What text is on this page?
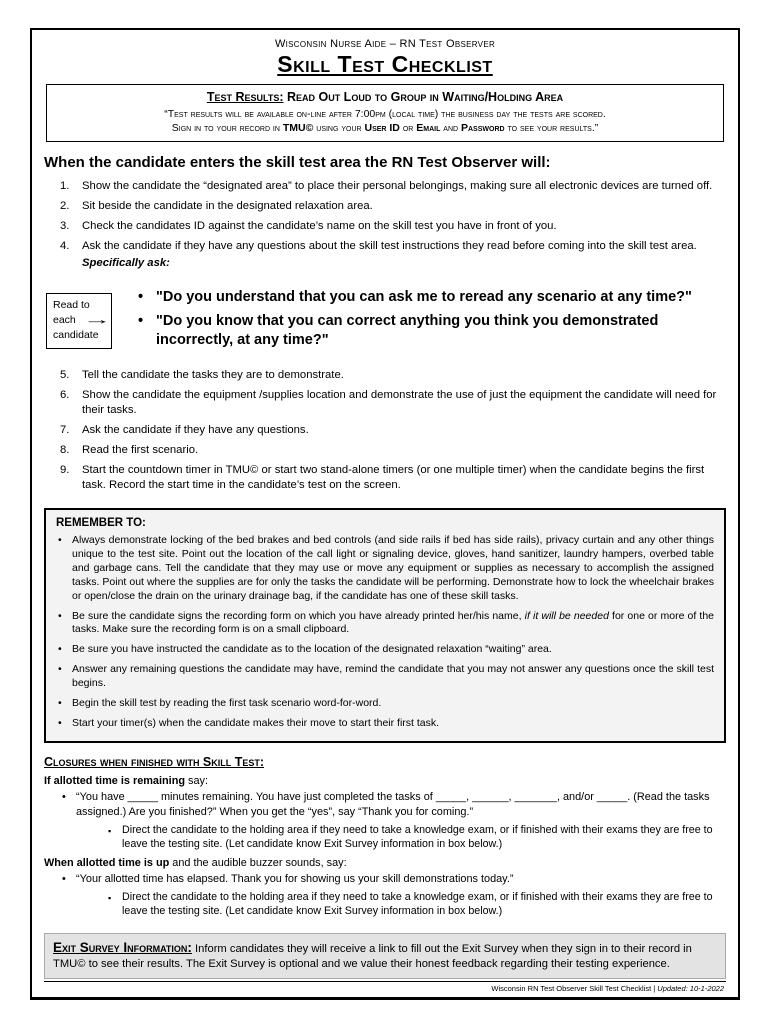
Wisconsin Nurse Aide – RN Test Observer
Skill Test Checklist
Test Results: Read Out Loud to Group in Waiting/Holding Area
“Test results will be available on-line after 7:00pm (local time) the business day the tests are scored.
Sign in to your record in TMU© using your User ID or Email and Password to see your results.”
When the candidate enters the skill test area the RN Test Observer will:
1.	Show the candidate the “designated area” to place their personal belongings, making sure all electronic devices are turned off.
2.	Sit beside the candidate in the designated relaxation area.
3.	Check the candidates ID against the candidate’s name on the skill test you have in front of you.
4.	Ask the candidate if they have any questions about the skill test instructions they read before coming into the skill test area.
Specifically ask:
Read to
each
candidate
→
• "Do you understand that you can ask me to reread any scenario at any time?"
• "Do you know that you can correct anything you think you demonstrated incorrectly, at any time?"
5.	Tell the candidate the tasks they are to demonstrate.
6.	Show the candidate the equipment /supplies location and demonstrate the use of just the equipment the candidate will need for their tasks.
7.	Ask the candidate if they have any questions.
8.	Read the first scenario.
9.	Start the countdown timer in TMU© or start two stand-alone timers (or one multiple timer) when the candidate begins the first task. Record the start time in the candidate’s test on the screen.
REMEMBER TO:
• Always demonstrate locking of the bed brakes and bed controls (and side rails if bed has side rails), privacy curtain and any other things unique to the test site. Point out the location of the call light or signaling device, gloves, hand sanitizer, laundry hampers, overbed table and garbage cans. Tell the candidate that they may use or move any equipment or supplies as necessary to accomplish the assigned tasks. Point out where the supplies are for only the tasks the candidate will be performing. Demonstrate how to lock the wheelchair brakes or open/close the drain on the urinary drainage bag, if the candidate has one of these skill tasks.
• Be sure the candidate signs the recording form on which you have already printed her/his name, if it will be needed for one or more of the tasks. Make sure the recording form is on a small clipboard.
• Be sure you have instructed the candidate as to the location of the designated relaxation “waiting” area.
• Answer any remaining questions the candidate may have, remind the candidate that you may not answer any questions once the skill test begins.
• Begin the skill test by reading the first task scenario word-for-word.
• Start your timer(s) when the candidate makes their move to start their first task.
Closures when finished with Skill Test:
If allotted time is remaining say:
• “You have _____ minutes remaining. You have just completed the tasks of _____, ______, _______, and/or _____. (Read the tasks assigned.) Are you finished?” When you get the “yes”, say “Thank you for coming.”
▪ Direct the candidate to the holding area if they need to take a knowledge exam, or if finished with their exams they are free to leave the testing site. (Let candidate know Exit Survey information in box below.)
When allotted time is up and the audible buzzer sounds, say:
• “Your allotted time has elapsed. Thank you for showing us your skill demonstrations today.”
▪ Direct the candidate to the holding area if they need to take a knowledge exam, or if finished with their exams they are free to leave the testing site. (Let candidate know Exit Survey information in box below.)
Exit Survey Information: Inform candidates they will receive a link to fill out the Exit Survey when they sign in to their record in TMU© to see their results. The Exit Survey is optional and we value their honest feedback regarding their testing experience.
Wisconsin RN Test Observer Skill Test Checklist | Updated: 10-1-2022
